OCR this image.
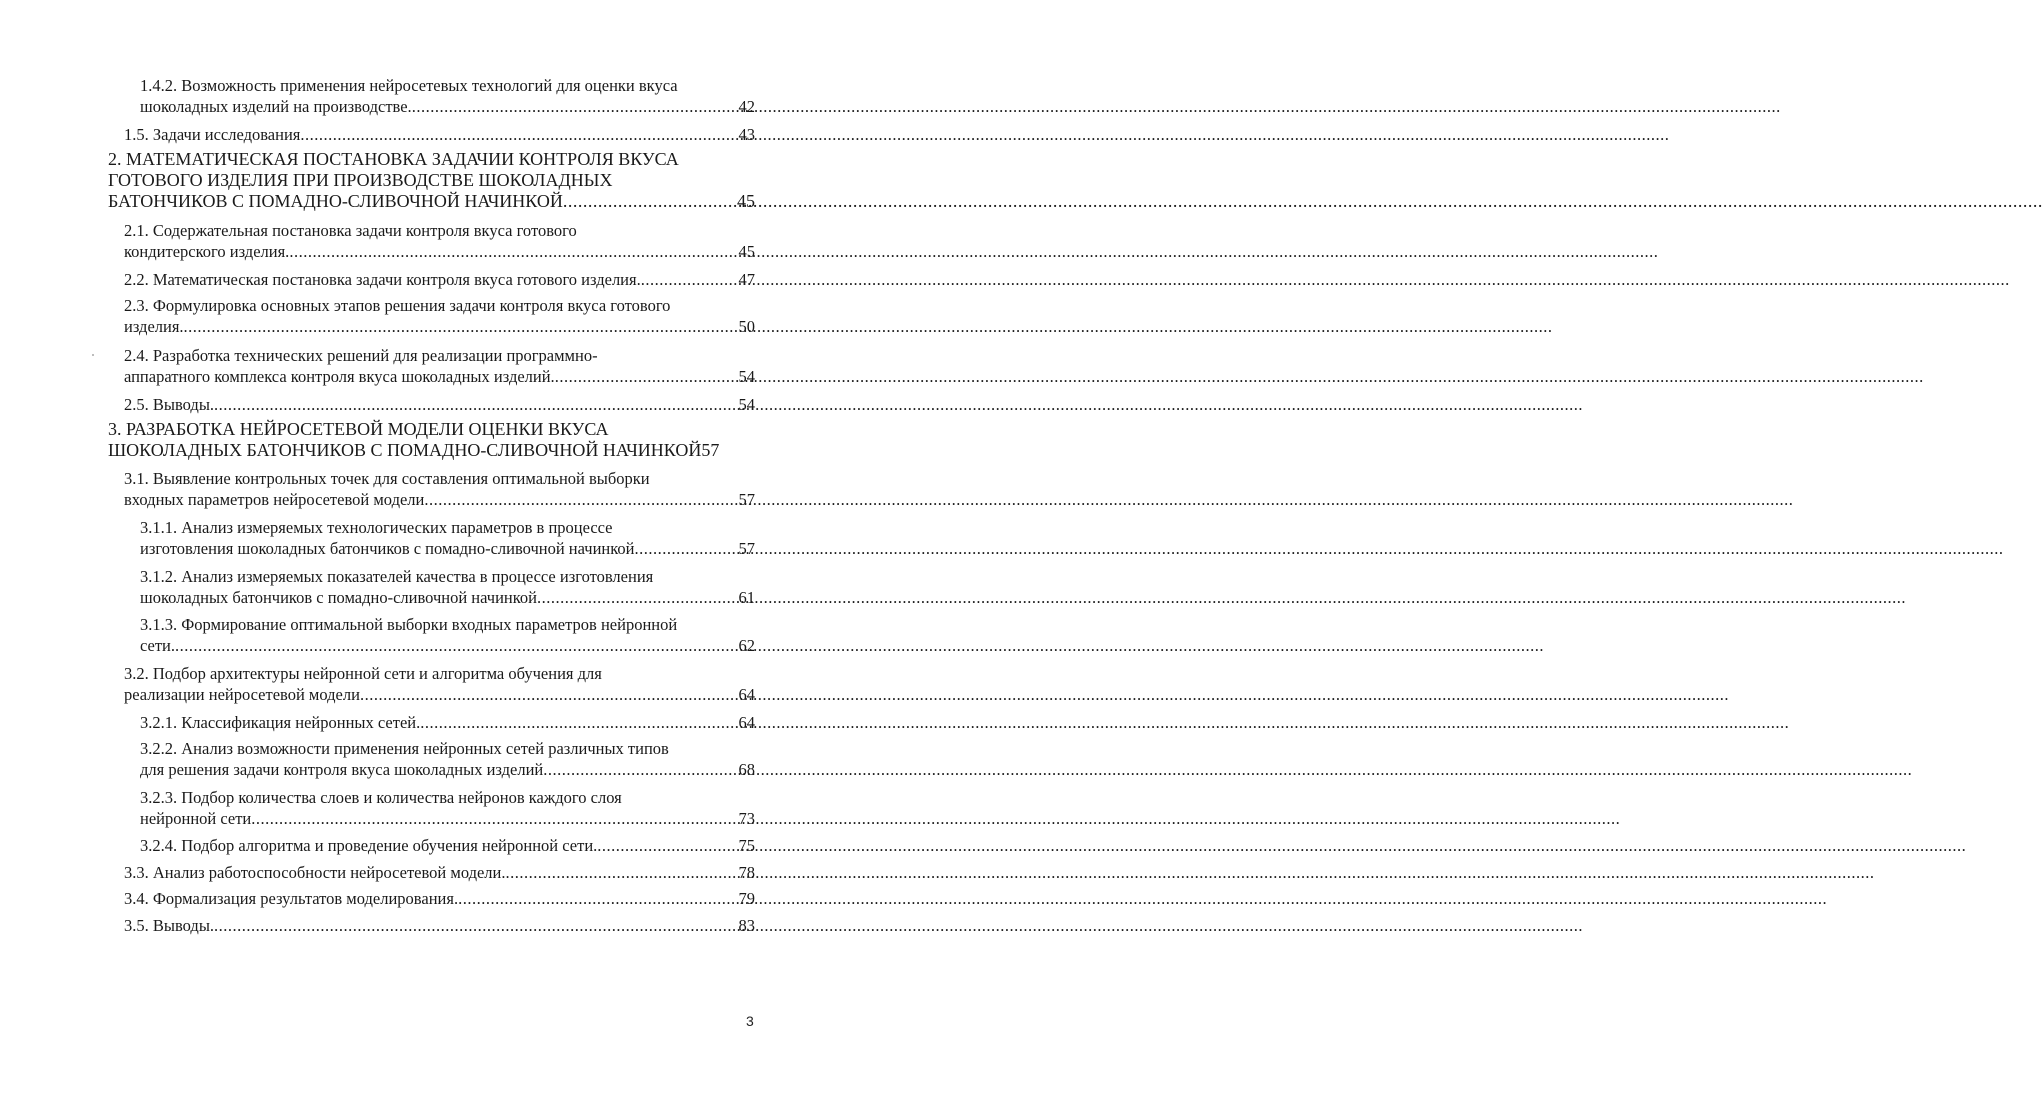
1.4.2. Возможность применения нейросетевых технологий для оценки вкуса
шоколадных изделий на производстве. .....	42
1.5. Задачи исследования .....	43
2. МАТЕМАТИЧЕСКАЯ ПОСТАНОВКА ЗАДАЧИИ КОНТРОЛЯ ВКУСА
ГОТОВОГО ИЗДЕЛИЯ ПРИ ПРОИЗВОДСТВЕ ШОКОЛАДНЫХ
БАТОНЧИКОВ С ПОМАДНО-СЛИВОЧНОЙ НАЧИНКОЙ .....	45
2.1. Содержательная постановка задачи контроля вкуса готового
кондитерского изделия. .....	45
2.2. Математическая постановка задачи контроля вкуса готового изделия. .....	47
2.3. Формулировка основных этапов решения задачи контроля вкуса готового
изделия. .....	50
2.4. Разработка технических решений для реализации программно-
аппаратного комплекса контроля вкуса шоколадных изделий. .....	54
2.5. Выводы. .....	54
3. РАЗРАБОТКА НЕЙРОСЕТЕВОЙ МОДЕЛИ ОЦЕНКИ ВКУСА
ШОКОЛАДНЫХ БАТОНЧИКОВ С ПОМАДНО-СЛИВОЧНОЙ НАЧИНКОЙ 57
3.1. Выявление контрольных точек для составления оптимальной выборки
входных параметров нейросетевой модели .....	57
3.1.1. Анализ измеряемых технологических параметров в процессе
изготовления шоколадных батончиков с помадно-сливочной начинкой .....	57
3.1.2. Анализ измеряемых показателей качества в процессе изготовления
шоколадных батончиков с помадно-сливочной начинкой .....	61
3.1.3. Формирование оптимальной выборки входных параметров нейронной
сети. .....	62
3.2. Подбор архитектуры нейронной сети и алгоритма обучения для
реализации нейросетевой модели .....	64
3.2.1. Классификация нейронных сетей. .....	64
3.2.2. Анализ возможности применения нейронных сетей различных типов
для решения задачи контроля вкуса шоколадных изделий .....	68
3.2.3. Подбор количества слоев и количества нейронов каждого слоя
нейронной сети .....	73
3.2.4. Подбор алгоритма и проведение обучения нейронной сети. .....	75
3.3. Анализ работоспособности нейросетевой модели. .....	78
3.4. Формализация результатов моделирования. .....	79
3.5. Выводы. .....	83
3
